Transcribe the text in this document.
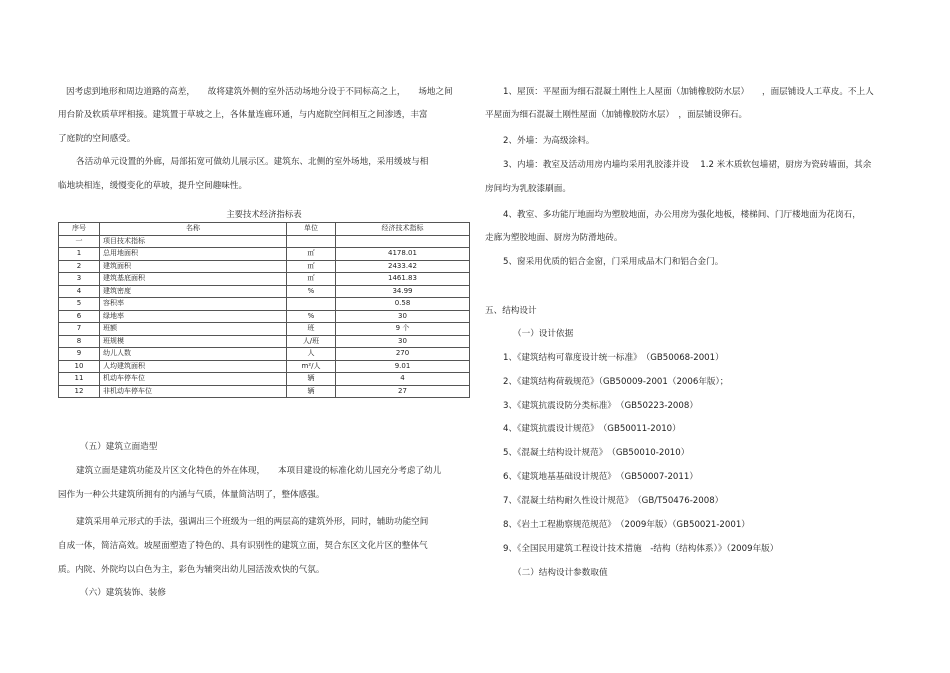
因考虑到地形和周边道路的高差，　　故将建筑外侧的室外活动场地分设于不同标高之上，　　场地之间

用台阶及软质草坪相接。建筑置于草坡之上，各体量连廊环通，与内庭院空间相互之间渗透，丰富

了庭院的空间感受。

各活动单元设置的外廊，局部拓宽可做幼儿展示区。建筑东、北侧的室外场地，采用缓坡与相

临地块相连，缓慢变化的草坡，提升空间趣味性。

主要技术经济指标表
序号	名称	单位	经济技术指标
一	项目技术指标		
1	总用地面积	㎡	4178.01
2	建筑面积	㎡	2433.42
3	建筑基底面积	㎡	1461.83
4	建筑密度	%	34.99
5	容积率		0.58
6	绿地率	%	30
7	班额	班	9 个
8	班规模	人/班	30
9	幼儿人数	人	270
10	人均建筑面积	m²/人	9.01
11	机动车停车位	辆	4
12	非机动车停车位	辆	27

（五）建筑立面造型

建筑立面是建筑功能及片区文化特色的外在体现，　　本项目建设的标准化幼儿园充分考虑了幼儿

园作为一种公共建筑所拥有的内涵与气质，体量简洁明了，整体感强。

建筑采用单元形式的手法，强调出三个班级为一组的两层高的建筑外形，同时，辅助功能空间

自成一体，简洁高效。坡屋面塑造了特色的、具有识别性的建筑立面，契合东区文化片区的整体气

质。内院、外院均以白色为主，彩色为辅突出幼儿园活泼欢快的气氛。

（六）建筑装饰、装修

1、屋顶：平屋面为细石混凝土刚性上人屋面（加铺橡胶防水层）　　，面层铺设人工草皮。不上人

平屋面为细石混凝土刚性屋面（加铺橡胶防水层）　，面层铺设卵石。

2、外墙：为高级涂料。

3、内墙：教室及活动用房内墙均采用乳胶漆并设　 1.2 米木质软包墙裙，厨房为瓷砖墙面，其余

房间均为乳胶漆刷面。

4、教室、多功能厅地面均为塑胶地面，办公用房为强化地板，楼梯间、门厅楼地面为花岗石，

走廊为塑胶地面、厨房为防滑地砖。

5、窗采用优质的铝合金窗，门采用成品木门和铝合金门。

五、结构设计

（一）设计依据

1、《建筑结构可靠度设计统一标准》　（GB50068-2001）

2、《建筑结构荷载规范》（GB50009-2001（2006年版）；

3、《建筑抗震设防分类标准》　（GB50223-2008）

4、《建筑抗震设计规范》　（GB50011-2010）

5、《混凝土结构设计规范》　（GB50010-2010）

6、《建筑地基基础设计规范》　（GB50007-2011）

7、《混凝土结构耐久性设计规范》　（GB/T50476-2008）

8、《岩土工程勘察规范规范》　（2009年版）（GB50021-2001）

9、《全国民用建筑工程设计技术措施　-结构（结构体系）》（2009年版）

（二）结构设计参数取值
